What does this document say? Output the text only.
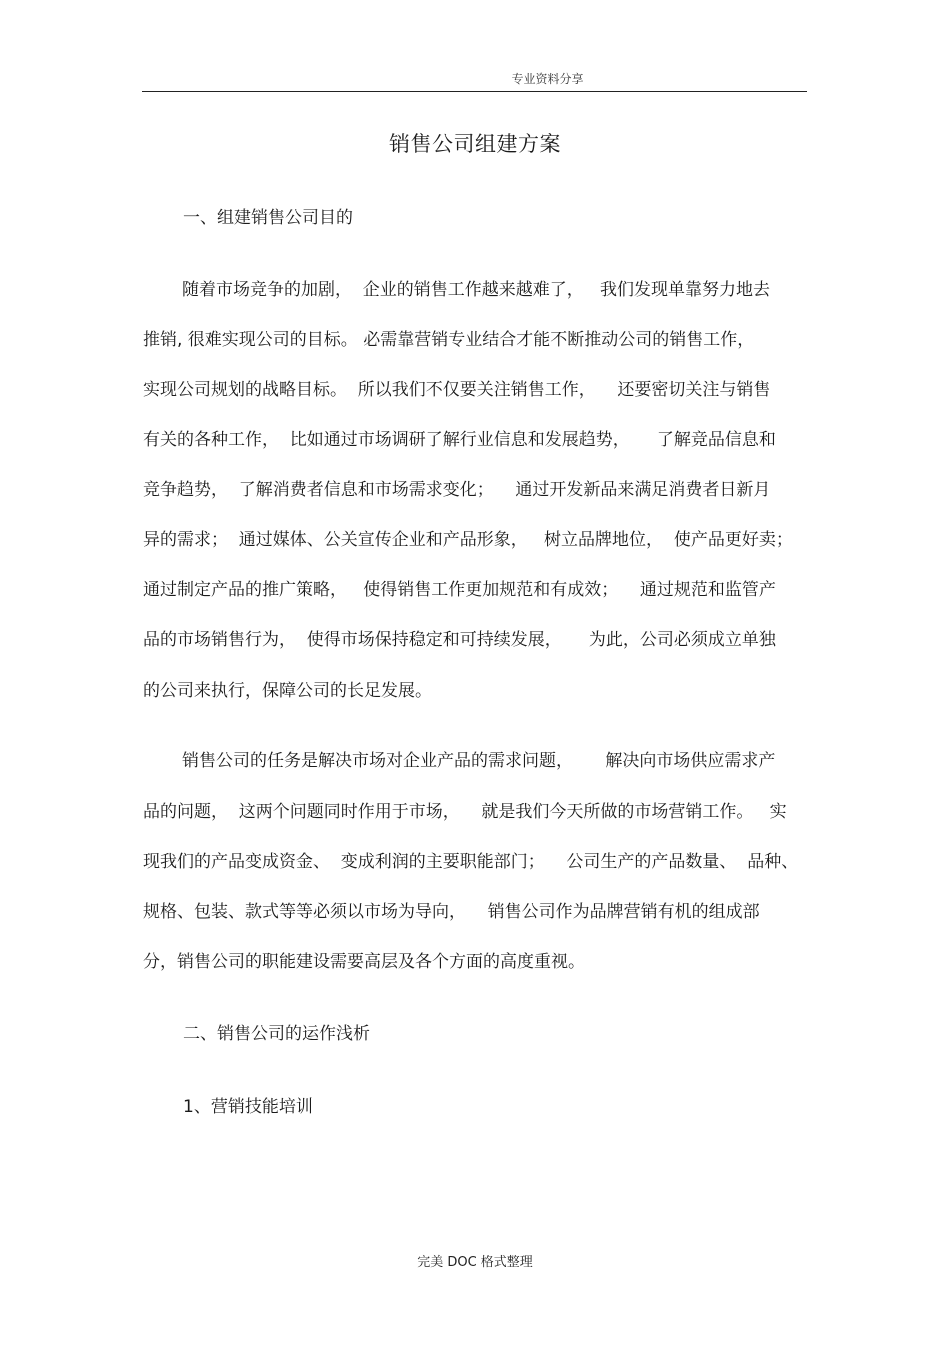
专业资料分享
销售公司组建方案
一、组建销售公司目的
随着市场竞争的加剧，  企业的销售工作越来越难了，   我们发现单靠努力地去
推销, 很难实现公司的目标。 必需靠营销专业结合才能不断推动公司的销售工作，
实现公司规划的战略目标。  所以我们不仅要关注销售工作，    还要密切关注与销售
有关的各种工作，  比如通过市场调研了解行业信息和发展趋势，     了解竞品信息和
竞争趋势，  了解消费者信息和市场需求变化；    通过开发新品来满足消费者日新月
异的需求；  通过媒体、公关宣传企业和产品形象，   树立品牌地位，  使产品更好卖；
通过制定产品的推广策略，   使得销售工作更加规范和有成效；    通过规范和监管产
品的市场销售行为，  使得市场保持稳定和可持续发展，     为此，公司必须成立单独
的公司来执行，保障公司的长足发展。
销售公司的任务是解决市场对企业产品的需求问题，      解决向市场供应需求产
品的问题，  这两个问题同时作用于市场，    就是我们今天所做的市场营销工作。   实
现我们的产品变成资金、  变成利润的主要职能部门；    公司生产的产品数量、  品种、
规格、包装、款式等等必须以市场为导向，    销售公司作为品牌营销有机的组成部
分，销售公司的职能建设需要高层及各个方面的高度重视。
二、销售公司的运作浅析
1、营销技能培训
完美 DOC 格式整理
